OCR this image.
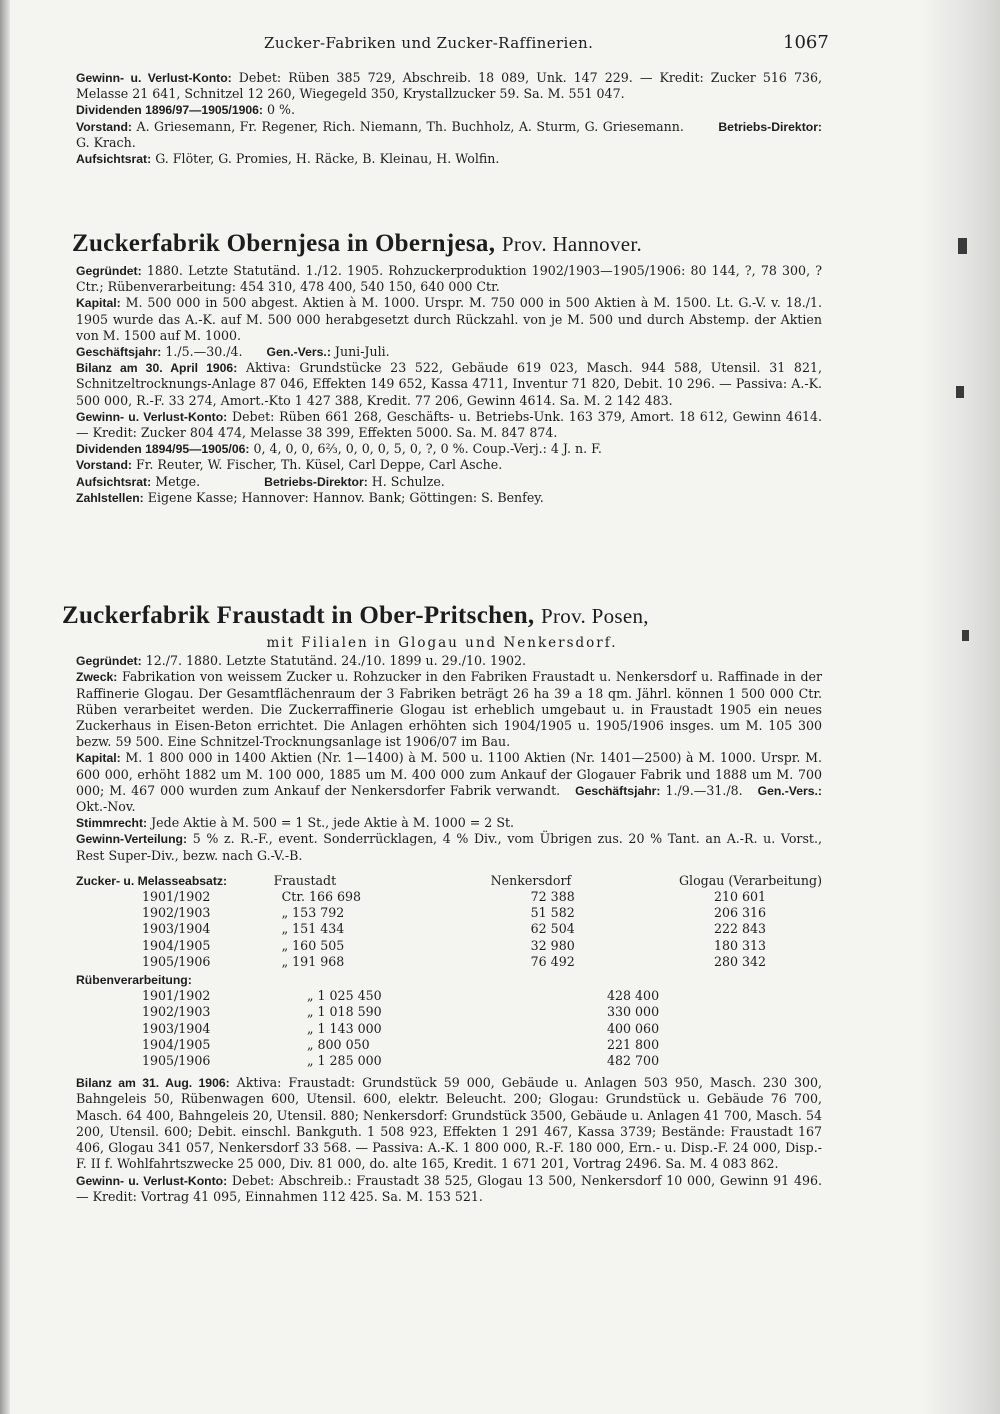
Zucker-Fabriken und Zucker-Raffinerien.	1067

Gewinn- u. Verlust-Konto: Debet: Rüben 385 729, Abschreib. 18 089, Unk. 147 229. — Kredit: Zucker 516 736, Melasse 21 641, Schnitzel 12 260, Wiegegeld 350, Krystallzucker 59. Sa. M. 551 047.

Dividenden 1896/97—1905/1906: 0 %.

Vorstand: A. Griesemann, Fr. Regener, Rich. Niemann, Th. Buchholz, A. Sturm, G. Griesemann.	Betriebs-Direktor: G. Krach.

Aufsichtsrat: G. Flöter, G. Promies, H. Räcke, B. Kleinau, H. Wolfin.

Zuckerfabrik Obernjesa in Obernjesa, Prov. Hannover.

Gegründet: 1880. Letzte Statutänd. 1./12. 1905. Rohzuckerproduktion 1902/1903—1905/1906: 80 144, ?, 78 300, ? Ctr.; Rübenverarbeitung: 454 310, 478 400, 540 150, 640 000 Ctr.

Kapital: M. 500 000 in 500 abgest. Aktien à M. 1000. Urspr. M. 750 000 in 500 Aktien à M. 1500. Lt. G.-V. v. 18./1. 1905 wurde das A.-K. auf M. 500 000 herabgesetzt durch Rückzahl. von je M. 500 und durch Abstemp. der Aktien von M. 1500 auf M. 1000.

Geschäftsjahr: 1./5.—30./4. Gen.-Vers.: Juni-Juli.

Bilanz am 30. April 1906: Aktiva: Grundstücke 23 522, Gebäude 619 023, Masch. 944 588, Utensil. 31 821, Schnitzeltrocknungs-Anlage 87 046, Effekten 149 652, Kassa 4711, Inventur 71 820, Debit. 10 296. — Passiva: A.-K. 500 000, R.-F. 33 274, Amort.-Kto 1 427 388, Kredit. 77 206, Gewinn 4614. Sa. M. 2 142 483.

Gewinn- u. Verlust-Konto: Debet: Rüben 661 268, Geschäfts- u. Betriebs-Unk. 163 379, Amort. 18 612, Gewinn 4614. — Kredit: Zucker 804 474, Melasse 38 399, Effekten 5000. Sa. M. 847 874.

Dividenden 1894/95—1905/06: 0, 4, 0, 0, 6⅔, 0, 0, 0, 5, 0, ?, 0 %. Coup.-Verj.: 4 J. n. F.

Vorstand: Fr. Reuter, W. Fischer, Th. Küsel, Carl Deppe, Carl Asche.

Aufsichtsrat: Metge.	Betriebs-Direktor: H. Schulze.

Zahlstellen: Eigene Kasse; Hannover: Hannov. Bank; Göttingen: S. Benfey.

Zuckerfabrik Fraustadt in Ober-Pritschen, Prov. Posen,
mit Filialen in Glogau und Nenkersdorf.

Gegründet: 12./7. 1880. Letzte Statutänd. 24./10. 1899 u. 29./10. 1902.

Zweck: Fabrikation von weissem Zucker u. Rohzucker in den Fabriken Fraustadt u. Nenkersdorf u. Raffinade in der Raffinerie Glogau. Der Gesamtflächenraum der 3 Fabriken beträgt 26 ha 39 a 18 qm. Jährl. können 1 500 000 Ctr. Rüben verarbeitet werden. Die Zuckerraffinerie Glogau ist erheblich umgebaut u. in Fraustadt 1905 ein neues Zuckerhaus in Eisen-Beton errichtet. Die Anlagen erhöhten sich 1904/1905 u. 1905/1906 insges. um M. 105 300 bezw. 59 500. Eine Schnitzel-Trocknungsanlage ist 1906/07 im Bau.

Kapital: M. 1 800 000 in 1400 Aktien (Nr. 1—1400) à M. 500 u. 1100 Aktien (Nr. 1401—2500) à M. 1000. Urspr. M. 600 000, erhöht 1882 um M. 100 000, 1885 um M. 400 000 zum Ankauf der Glogauer Fabrik und 1888 um M. 700 000; M. 467 000 wurden zum Ankauf der Nenkersdorfer Fabrik verwandt. Geschäftsjahr: 1./9.—31./8. Gen.-Vers.: Okt.-Nov.

Stimmrecht: Jede Aktie à M. 500 = 1 St., jede Aktie à M. 1000 = 2 St.

Gewinn-Verteilung: 5 % z. R.-F., event. Sonderrücklagen, 4 % Div., vom Übrigen zus. 20 % Tant. an A.-R. u. Vorst., Rest Super-Div., bezw. nach G.-V.-B.

Zucker- u. Melasseabsatz:	Fraustadt	Nenkersdorf	Glogau (Verarbeitung)
1901/1902	Ctr. 166 698	72 388	210 601
1902/1903	„ 153 792	51 582	206 316
1903/1904	„ 151 434	62 504	222 843
1904/1905	„ 160 505	32 980	180 313
1905/1906	„ 191 968	76 492	280 342
Rübenverarbeitung:		
1901/1902	„ 1 025 450	428 400
1902/1903	„ 1 018 590	330 000
1903/1904	„ 1 143 000	400 060
1904/1905	„ 800 050	221 800
1905/1906	„ 1 285 000	482 700

Bilanz am 31. Aug. 1906: Aktiva: Fraustadt: Grundstück 59 000, Gebäude u. Anlagen 503 950, Masch. 230 300, Bahngeleis 50, Rübenwagen 600, Utensil. 600, elektr. Beleucht. 200; Glogau: Grundstück u. Gebäude 76 700, Masch. 64 400, Bahngeleis 20, Utensil. 880; Nenkersdorf: Grundstück 3500, Gebäude u. Anlagen 41 700, Masch. 54 200, Utensil. 600; Debit. einschl. Bankguth. 1 508 923, Effekten 1 291 467, Kassa 3739; Bestände: Fraustadt 167 406, Glogau 341 057, Nenkersdorf 33 568. — Passiva: A.-K. 1 800 000, R.-F. 180 000, Ern.- u. Disp.-F. 24 000, Disp.-F. II f. Wohlfahrtszwecke 25 000, Div. 81 000, do. alte 165, Kredit. 1 671 201, Vortrag 2496. Sa. M. 4 083 862.

Gewinn- u. Verlust-Konto: Debet: Abschreib.: Fraustadt 38 525, Glogau 13 500, Nenkersdorf 10 000, Gewinn 91 496. — Kredit: Vortrag 41 095, Einnahmen 112 425. Sa. M. 153 521.
